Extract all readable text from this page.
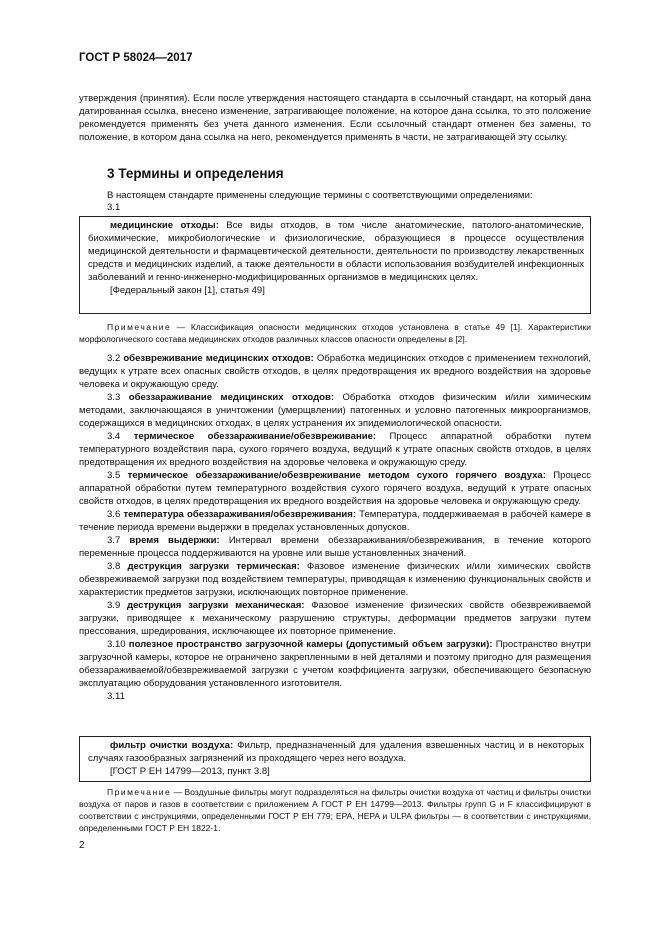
ГОСТ Р 58024—2017

утверждения (принятия). Если после утверждения настоящего стандарта в ссылочный стандарт, на который дана датированная ссылка, внесено изменение, затрагивающее положение, на которое дана ссылка, то это положение рекомендуется применять без учета данного изменения. Если ссылочный стандарт отменен без замены, то положение, в котором дана ссылка на него, рекомендуется применять в части, не затрагивающей эту ссылку.

3 Термины и определения

В настоящем стандарте применены следующие термины с соответствующими определениями:

3.1

медицинские отходы: Все виды отходов, в том числе анатомические, патолого-анатомические, биохимические, микробиологические и физиологические, образующиеся в процессе осуществления медицинской деятельности и фармацевтической деятельности, деятельности по производству лекарственных средств и медицинских изделий, а также деятельности в области использования возбудителей инфекционных заболеваний и генно-инженерно-модифицированных организмов в медицинских целях.

[Федеральный закон [1], статья 49]

Примечание — Классификация опасности медицинских отходов установлена в статье 49 [1]. Характеристики морфологического состава медицинских отходов различных классов опасности определены в [2].

3.2 обезвреживание медицинских отходов: Обработка медицинских отходов с применением технологий, ведущих к утрате всех опасных свойств отходов, в целях предотвращения их вредного воздействия на здоровье человека и окружающую среду.

3.3 обеззараживание медицинских отходов: Обработка отходов физическим и/или химическим методами, заключающаяся в уничтожении (умерщвлении) патогенных и условно патогенных микроорганизмов, содержащихся в медицинских отходах, в целях устранения их эпидемиологической опасности.

3.4 термическое обеззараживание/обезвреживание: Процесс аппаратной обработки путем температурного воздействия пара, сухого горячего воздуха, ведущий к утрате опасных свойств отходов, в целях предотвращения их вредного воздействия на здоровье человека и окружающую среду.

3.5 термическое обеззараживание/обезвреживание методом сухого горячего воздуха: Процесс аппаратной обработки путем температурного воздействия сухого горячего воздуха, ведущий к утрате опасных свойств отходов, в целях предотвращения их вредного воздействия на здоровье человека и окружающую среду.

3.6 температура обеззараживания/обезвреживания: Температура, поддерживаемая в рабочей камере в течение периода времени выдержки в пределах установленных допусков.

3.7 время выдержки: Интервал времени обеззараживания/обезвреживания, в течение которого переменные процесса поддерживаются на уровне или выше установленных значений.

3.8 деструкция загрузки термическая: Фазовое изменение физических и/или химических свойств обезвреживаемой загрузки под воздействием температуры, приводящая к изменению функциональных свойств и характеристик предметов загрузки, исключающих повторное применение.

3.9 деструкция загрузки механическая: Фазовое изменение физических свойств обезвреживаемой загрузки, приводящее к механическому разрушению структуры, деформации предметов загрузки путем прессования, шредирования, исключающее их повторное применение.

3.10 полезное пространство загрузочной камеры (допустимый объем загрузки): Пространство внутри загрузочной камеры, которое не ограничено закрепленными в ней деталями и поэтому пригодно для размещения обеззараживаемой/обезвреживаемой загрузки с учетом коэффициента загрузки, обеспечивающего безопасную эксплуатацию оборудования установленного изготовителя.

3.11

фильтр очистки воздуха: Фильтр, предназначенный для удаления взвешенных частиц и в некоторых случаях газообразных загрязнений из проходящего через него воздуха.

[ГОСТ Р ЕН 14799—2013, пункт 3.8]

Примечание — Воздушные фильтры могут подразделяться на фильтры очистки воздуха от частиц и фильтры очистки воздуха от паров и газов в соответствии с приложением А ГОСТ Р ЕН 14799—2013. Фильтры групп G и F классифицируют в соответствии с инструкциями, определенными ГОСТ Р ЕН 779; EPA, HEPA и ULPA фильтры — в соответствии с инструкциями, определенными ГОСТ Р ЕН 1822-1.

2
